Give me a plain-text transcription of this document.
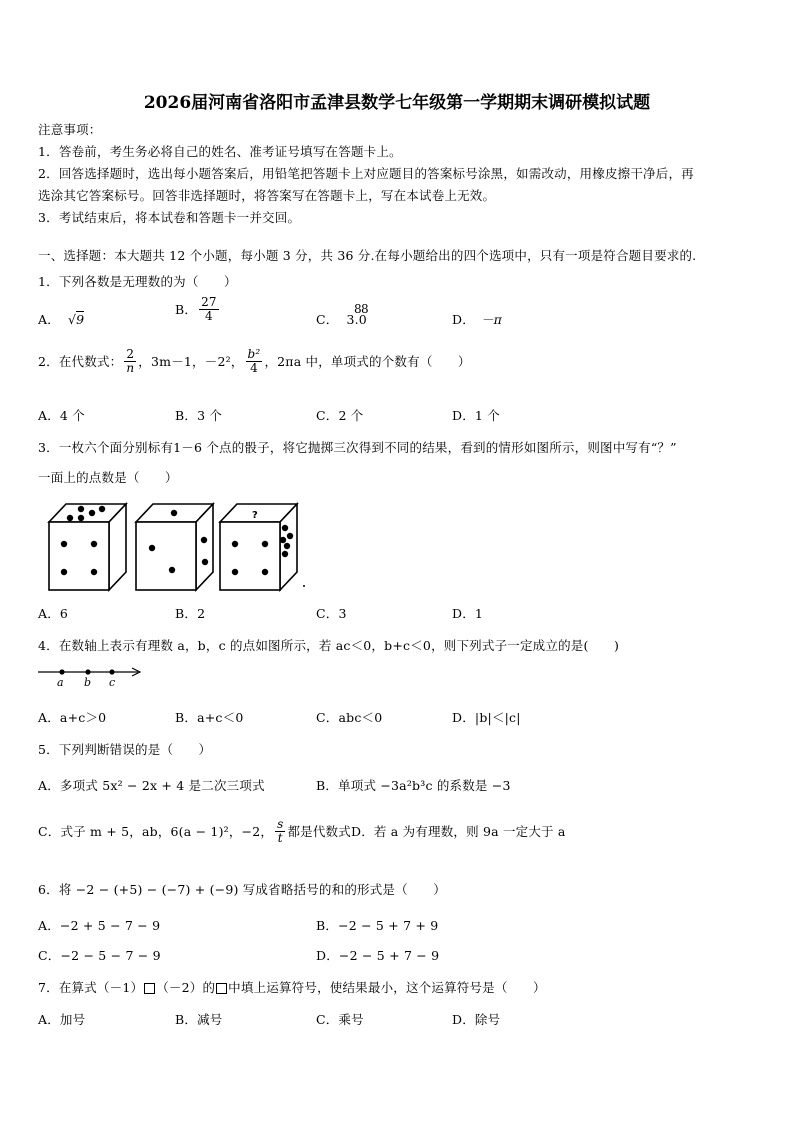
2026届河南省洛阳市孟津县数学七年级第一学期期末调研模拟试题
注意事项：
1．答卷前，考生务必将自己的姓名、准考证号填写在答题卡上。
2．回答选择题时，选出每小题答案后，用铅笔把答题卡上对应题目的答案标号涂黑，如需改动，用橡皮擦干净后，再
选涂其它答案标号。回答非选择题时，将答案写在答题卡上，写在本试卷上无效。
3．考试结束后，将本试卷和答题卡一并交回。
一、选择题：本大题共 12 个小题，每小题 3 分，共 36 分.在每小题给出的四个选项中，只有一项是符合题目要求的.
1．下列各数是无理数的为（　　）
A． √9
B． $\frac{27}{4}$	C． 3.0
8 8
D． －π
2．在代数式： $\frac{2}{n}$ ，3m－1，－2²， $\frac{\text{b²}}{4}$ ，2πa 中，单项式的个数有（　　）
A．4 个	B．3 个	C．2 个	D．1 个
3．一枚六个面分别标有1－6 个点的骰子，将它抛掷三次得到不同的结果，看到的情形如图所示，则图中写有“？”
一面上的点数是（　　）
?
A．6	B．2	C．3	D．1
4．在数轴上表示有理数 a，b，c 的点如图所示，若 ac＜0，b+c＜0，则下列式子一定成立的是(　　)
a b c
A．a+c＞0	B．a+c＜0	C．abc＜0	D．|b|＜|c|
5．下列判断错误的是（　　）
A．多项式 5x² − 2x + 4 是二次三项式	B．单项式 −3a²b³c 的系数是 −3
C．式子 m + 5，ab，6(a − 1)²，−2， $\frac{s}{t}$ 都是代数式D．若 a 为有理数，则 9a 一定大于 a
6．将 −2 − (+5) − (−7) + (−9) 写成省略括号的和的形式是（　　）
A．−2 + 5 − 7 − 9	B．−2 − 5 + 7 + 9
C．−2 − 5 − 7 − 9	D．−2 − 5 + 7 − 9
7．在算式（－1） （－2）的 中填上运算符号，使结果最小，这个运算符号是（　　）
A．加号	B．减号	C．乘号	D．除号
